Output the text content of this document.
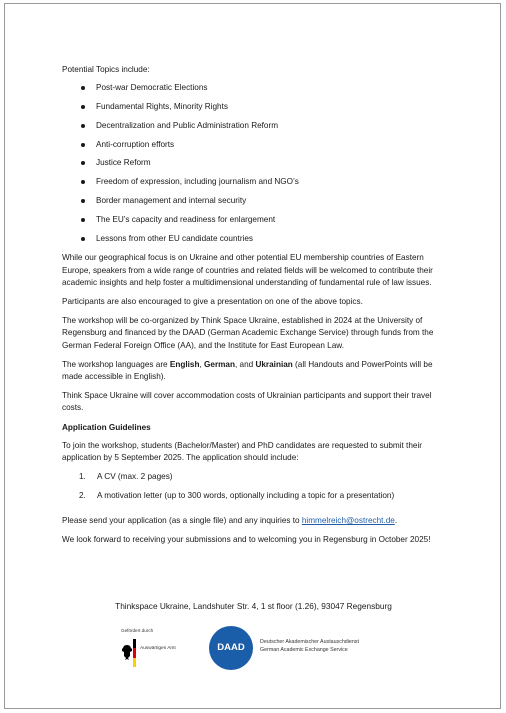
Potential Topics include:

Post-war Democratic Elections
Fundamental Rights, Minority Rights
Decentralization and Public Administration Reform
Anti-corruption efforts
Justice Reform
Freedom of expression, including journalism and NGO’s
Border management and internal security
The EU’s capacity and readiness for enlargement
Lessons from other EU candidate countries

While our geographical focus is on Ukraine and other potential EU membership countries of Eastern Europe, speakers from a wide range of countries and related fields will be welcomed to contribute their academic insights and help foster a multidimensional understanding of fundamental rule of law issues.

Participants are also encouraged to give a presentation on one of the above topics.

The workshop will be co-organized by Think Space Ukraine, established in 2024 at the University of Regensburg and financed by the DAAD (German Academic Exchange Service) through funds from the German Federal Foreign Office (AA), and the Institute for East European Law.

The workshop languages are English, German, and Ukrainian (all Handouts and PowerPoints will be made accessible in English).

Think Space Ukraine will cover accommodation costs of Ukrainian participants and support their travel costs.

Application Guidelines

To join the workshop, students (Bachelor/Master) and PhD candidates are requested to submit their application by 5 September 2025. The application should include:

1. A CV (max. 2 pages)
2. A motivation letter (up to 300 words, optionally including a topic for a presentation)

Please send your application (as a single file) and any inquiries to himmelreich@ostrecht.de.

We look forward to receiving your submissions and to welcoming you in Regensburg in October 2025!

Thinkspace Ukraine, Landshuter Str. 4, 1 st floor (1.26), 93047 Regensburg
Gefördert durch
Auswärtiges Amt	DAAD	Deutscher Akademischer Austauschdienst
German Academic Exchange Service
